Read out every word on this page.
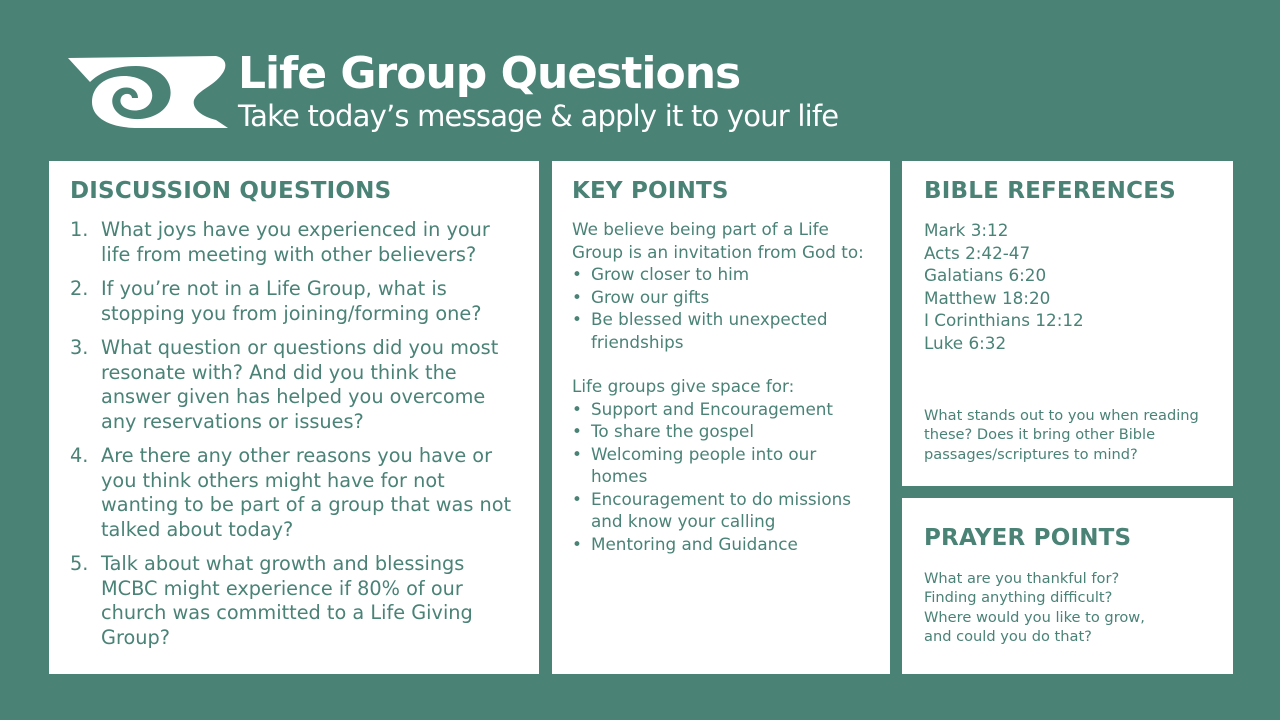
Life Group Questions
Take today’s message & apply it to your life
DISCUSSION QUESTIONS
1. What joys have you experienced in your life from meeting with other believers?
2. If you’re not in a Life Group, what is stopping you from joining/forming one?
3. What question or questions did you most resonate with? And did you think the answer given has helped you overcome any reservations or issues?
4. Are there any other reasons you have or you think others might have for not wanting to be part of a group that was not talked about today?
5. Talk about what growth and blessings MCBC might experience if 80% of our church was committed to a Life Giving Group?
KEY POINTS
We believe being part of a Life Group is an invitation from God to:
• Grow closer to him
• Grow our gifts
• Be blessed with unexpected friendships
Life groups give space for:
• Support and Encouragement
• To share the gospel
• Welcoming people into our homes
• Encouragement to do missions and know your calling
• Mentoring and Guidance
BIBLE REFERENCES
Mark 3:12
Acts 2:42-47
Galatians 6:20
Matthew 18:20
I Corinthians 12:12
Luke 6:32
What stands out to you when reading these? Does it bring other Bible passages/scriptures to mind?
PRAYER POINTS
What are you thankful for?
Finding anything difficult?
Where would you like to grow,
and could you do that?
